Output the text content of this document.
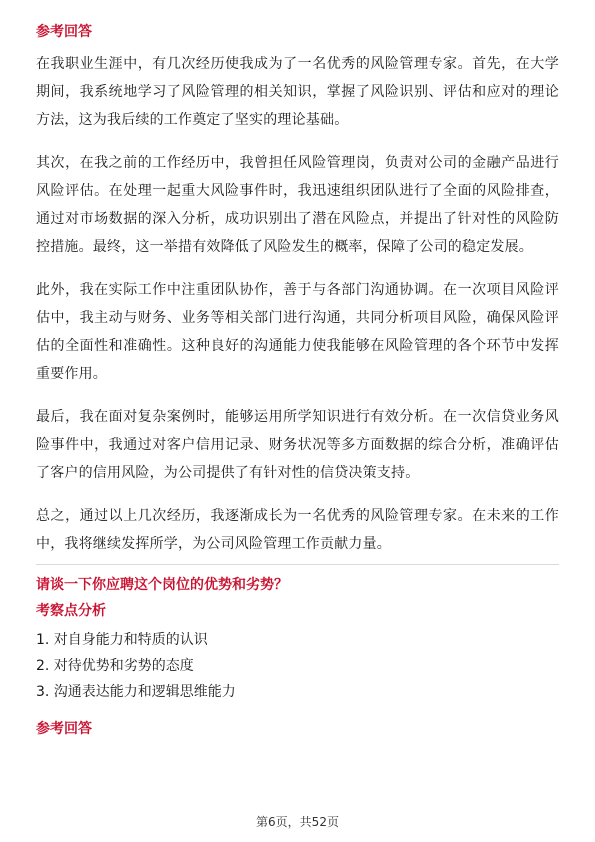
参考回答

在我职业生涯中，有几次经历使我成为了一名优秀的风险管理专家。首先，在大学期间，我系统地学习了风险管理的相关知识，掌握了风险识别、评估和应对的理论方法，这为我后续的工作奠定了坚实的理论基础。

其次，在我之前的工作经历中，我曾担任风险管理岗，负责对公司的金融产品进行风险评估。在处理一起重大风险事件时，我迅速组织团队进行了全面的风险排查，通过对市场数据的深入分析，成功识别出了潜在风险点，并提出了针对性的风险防控措施。最终，这一举措有效降低了风险发生的概率，保障了公司的稳定发展。

此外，我在实际工作中注重团队协作，善于与各部门沟通协调。在一次项目风险评估中，我主动与财务、业务等相关部门进行沟通，共同分析项目风险，确保风险评估的全面性和准确性。这种良好的沟通能力使我能够在风险管理的各个环节中发挥重要作用。

最后，我在面对复杂案例时，能够运用所学知识进行有效分析。在一次信贷业务风险事件中，我通过对客户信用记录、财务状况等多方面数据的综合分析，准确评估了客户的信用风险，为公司提供了有针对性的信贷决策支持。

总之，通过以上几次经历，我逐渐成长为一名优秀的风险管理专家。在未来的工作中，我将继续发挥所学，为公司风险管理工作贡献力量。

请谈一下你应聘这个岗位的优势和劣势？

考察点分析

1. 对自身能力和特质的认识
2. 对待优势和劣势的态度
3. 沟通表达能力和逻辑思维能力

参考回答

第6页，共52页
